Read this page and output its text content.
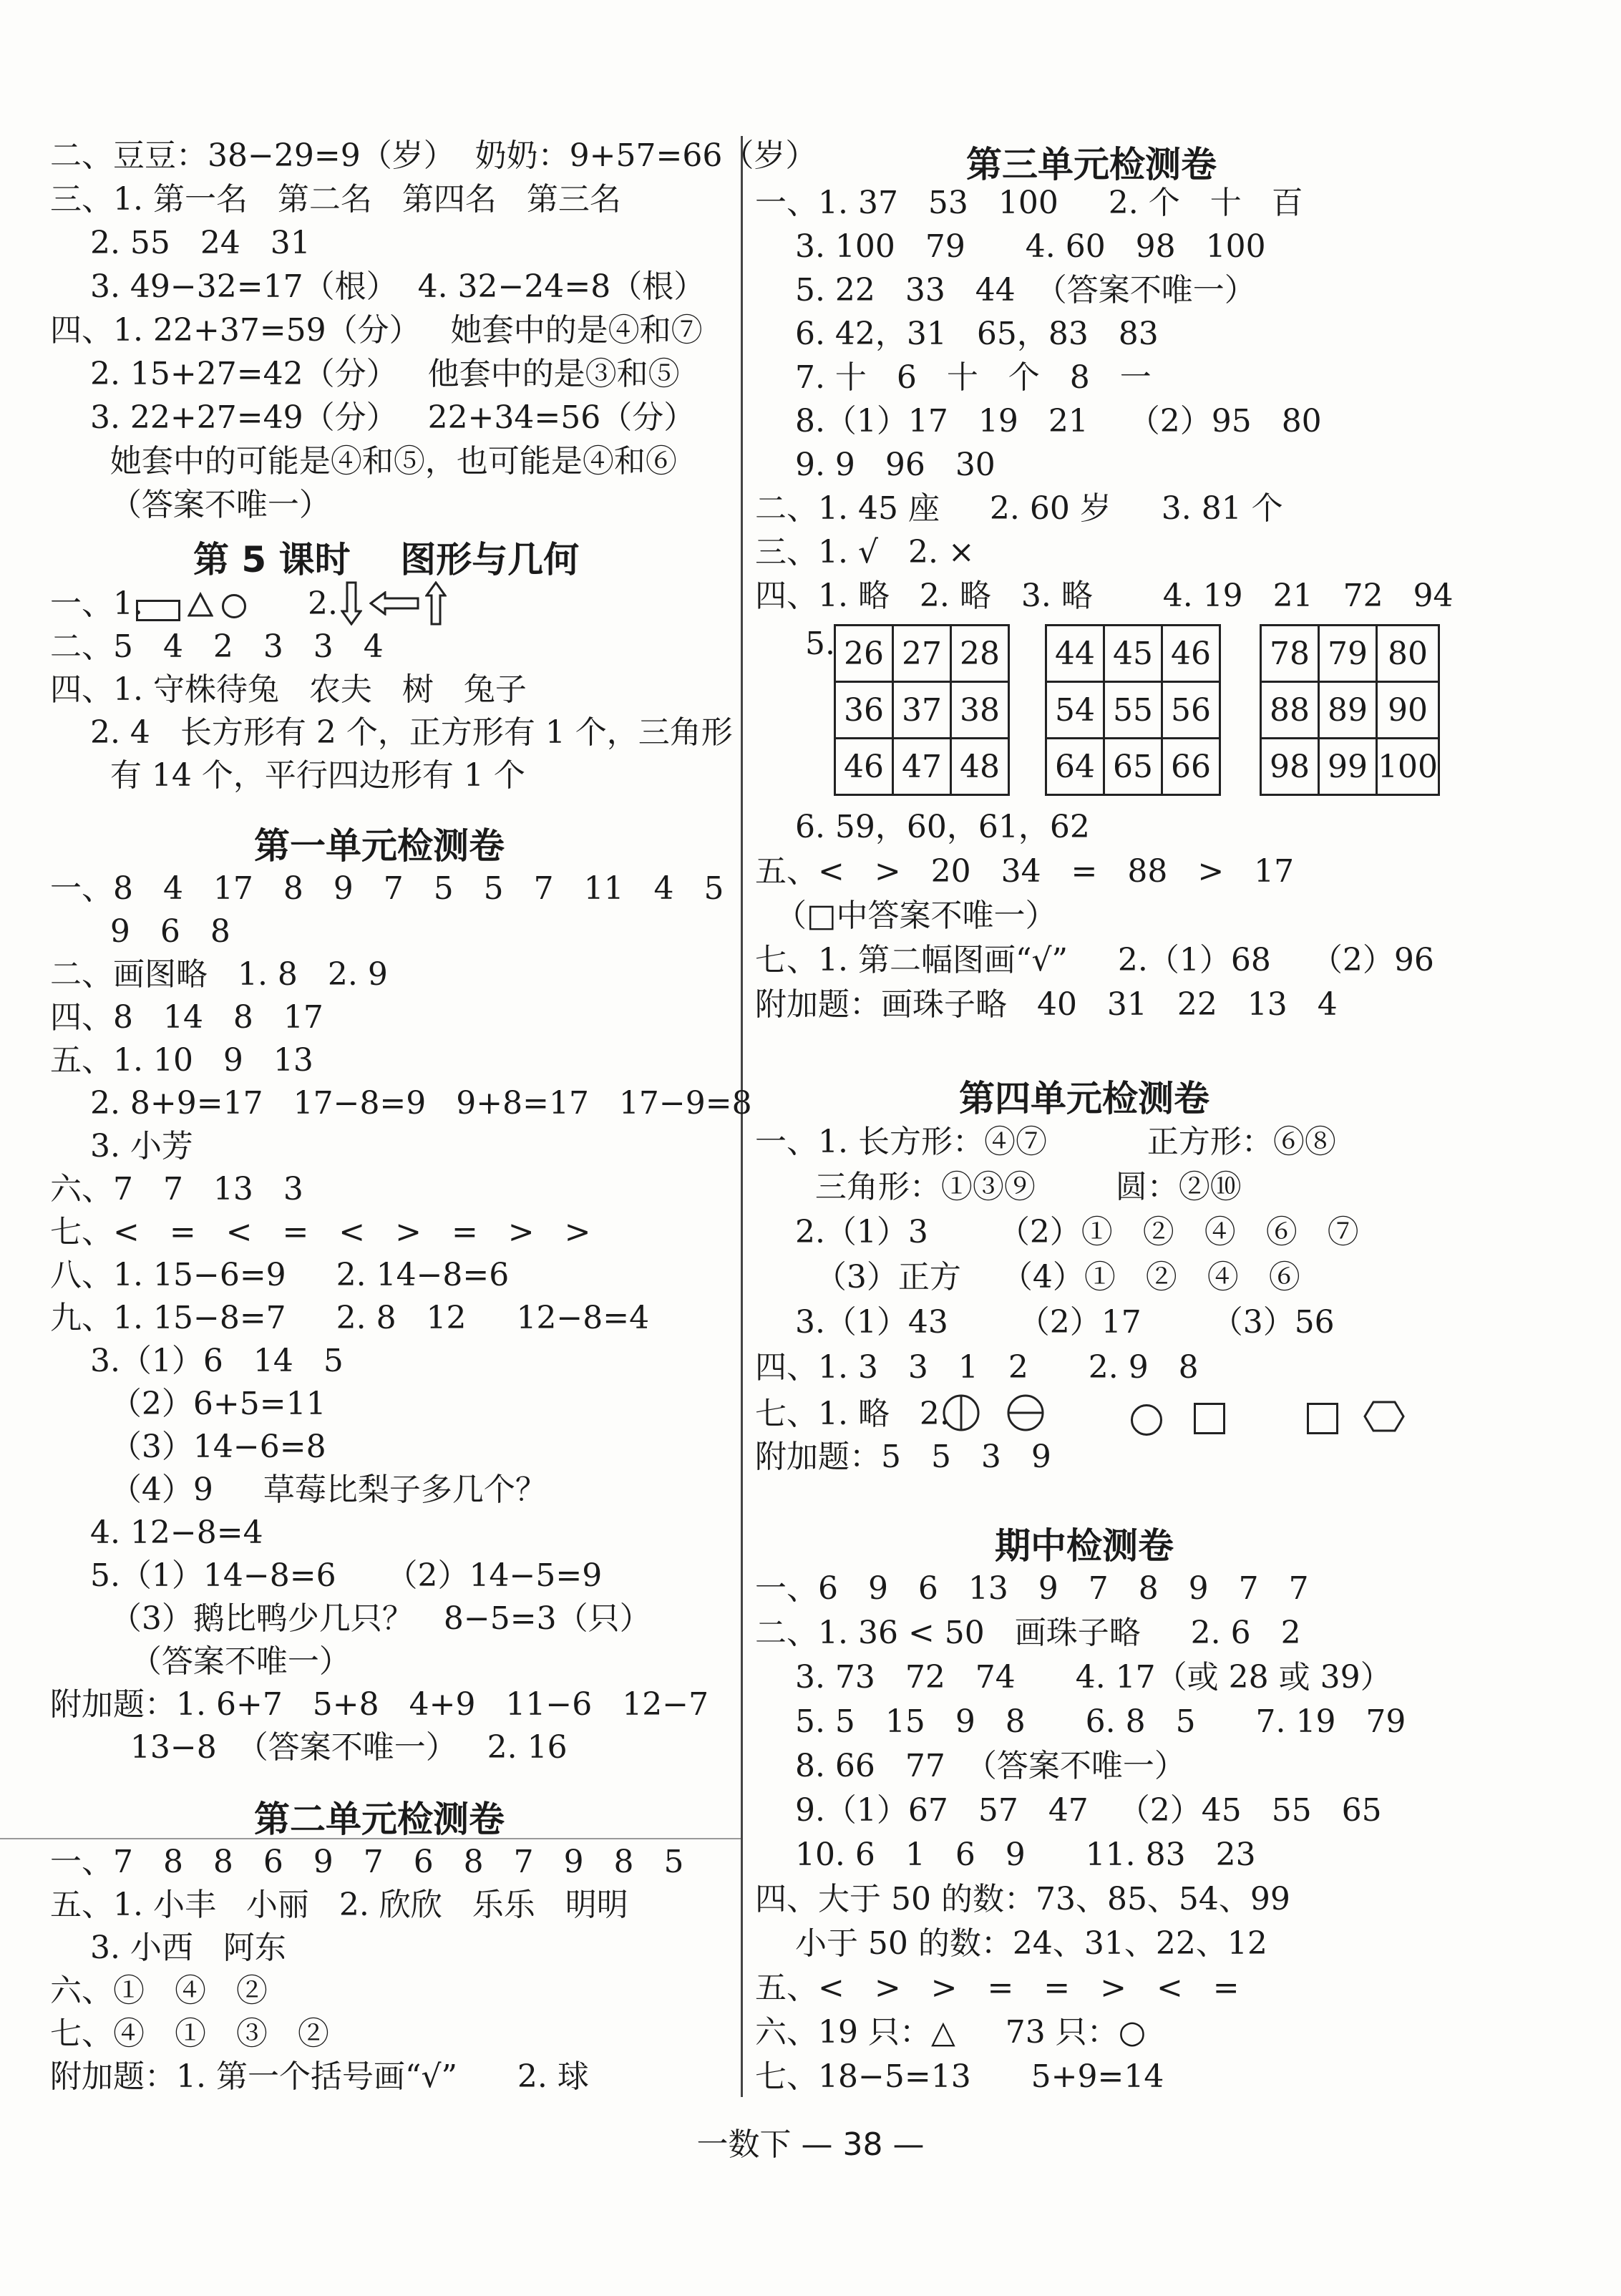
二、豆豆：38−29=9（岁）  奶奶：9+57=66（岁）
三、1. 第一名   第二名   第四名   第三名
2. 55   24   31
3. 49−32=17（根）  4. 32−24=8（根）
四、1. 22+37=59（分）   她套中的是④和⑦
2. 15+27=42（分）   他套中的是③和⑤
3. 22+27=49（分）   22+34=56（分）
她套中的可能是④和⑤，也可能是④和⑥
（答案不唯一）
第 5 课时    图形与几何
一、1.
二、5   4   2   3   3   4
四、1. 守株待兔   农夫   树   兔子
2. 4   长方形有 2 个，正方形有 1 个，三角形
有 14 个，平行四边形有 1 个
2.
第一单元检测卷
一、8   4   17   8   9   7   5   5   7   11   4   5
9   6   8
二、画图略   1. 8   2. 9
四、8   14   8   17
五、1. 10   9   13
2. 8+9=17   17−8=9   9+8=17   17−9=8
3. 小芳
六、7   7   13   3
七、<   =   <   =   <   >   =   >   >
八、1. 15−6=9     2. 14−8=6
九、1. 15−8=7     2. 8   12     12−8=4
3.（1）6   14   5
（2）6+5=11
（3）14−6=8
（4）9     草莓比梨子多几个？
4. 12−8=4
5.（1）14−8=6     （2）14−5=9
（3）鹅比鸭少几只？   8−5=3（只）
（答案不唯一）
附加题：1. 6+7   5+8   4+9   11−6   12−7
13−8  （答案不唯一）   2. 16
第二单元检测卷
一、7   8   8   6   9   7   6   8   7   9   8   5
五、1. 小丰   小丽   2. 欣欣   乐乐   明明
3. 小西   阿东
六、①   ④   ②
七、④   ①   ③   ②
附加题：1. 第一个括号画“√”      2. 球
第三单元检测卷
一、1. 37   53   100     2. 个   十   百
3. 100   79      4. 60   98   100
5. 22   33   44  （答案不唯一）
6. 42，31   65，83   83
7. 十   6   十   个   8   一
8.（1）17   19   21    （2）95   80
9. 9   96   30
二、1. 45 座     2. 60 岁     3. 81 个
三、1. √   2. ×
四、1. 略   2. 略   3. 略       4. 19   21   72   94
5. 26	27	28
36	37	38
46	47	48
44	45	46
54	55	56
64	65	66
78	79	80
88	89	90
98	99	100
6. 59，60，61，62
五、<   >   20   34   =   88   >   17
（□中答案不唯一）
七、1. 第二幅图画“√”     2.（1）68    （2）96
附加题：画珠子略   40   31   22   13   4
第四单元检测卷
一、1. 长方形：④⑦          正方形：⑥⑧
三角形：①③⑨        圆：②⑩
2.（1）3       （2）①   ②   ④   ⑥   ⑦
（3）正方    （4）①   ②   ④   ⑥
3.（1）43       （2）17       （3）56
四、1. 3   3   1   2      2. 9   8
七、1. 略   2.
附加题：5   5   3   9
期中检测卷
一、6   9   6   13   9   7   8   9   7   7
二、1. 36 < 50   画珠子略     2. 6   2
3. 73   72   74      4. 17（或 28 或 39）
5. 5   15   9   8      6. 8   5      7. 19   79
8. 66   77  （答案不唯一）
9.（1）67   57   47   （2）45   55   65
10. 6   1   6   9      11. 83   23
四、大于 50 的数：73、85、54、99
小于 50 的数：24、31、22、12
五、<   >   >   =   =   >   <   =
六、19 只：△     73 只：○
七、18−5=13      5+9=14
一数下 — 38 —
